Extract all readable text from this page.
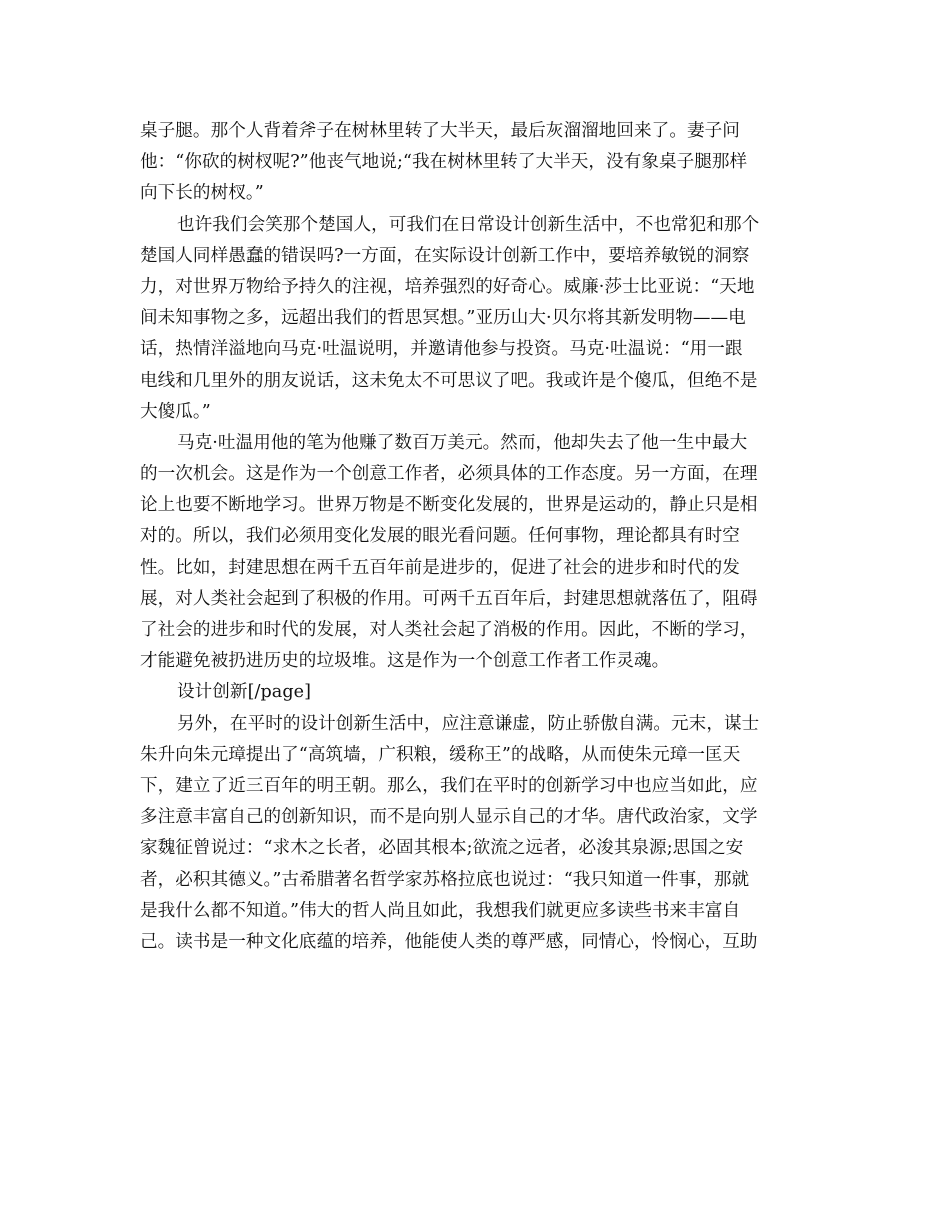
桌子腿。那个人背着斧子在树林里转了大半天，最后灰溜溜地回来了。妻子问
他：“你砍的树杈呢?”他丧气地说;“我在树林里转了大半天，没有象桌子腿那样
向下长的树杈。”
也许我们会笑那个楚国人，可我们在日常设计创新生活中，不也常犯和那个
楚国人同样愚蠢的错误吗?一方面，在实际设计创新工作中，要培养敏锐的洞察
力，对世界万物给予持久的注视，培养强烈的好奇心。威廉·莎士比亚说：“天地
间未知事物之多，远超出我们的哲思冥想。”亚历山大·贝尔将其新发明物——电
话，热情洋溢地向马克·吐温说明，并邀请他参与投资。马克·吐温说：“用一跟
电线和几里外的朋友说话，这未免太不可思议了吧。我或许是个傻瓜，但绝不是
大傻瓜。”
马克·吐温用他的笔为他赚了数百万美元。然而，他却失去了他一生中最大
的一次机会。这是作为一个创意工作者，必须具体的工作态度。另一方面，在理
论上也要不断地学习。世界万物是不断变化发展的，世界是运动的，静止只是相
对的。所以，我们必须用变化发展的眼光看问题。任何事物，理论都具有时空
性。比如，封建思想在两千五百年前是进步的，促进了社会的进步和时代的发
展，对人类社会起到了积极的作用。可两千五百年后，封建思想就落伍了，阻碍
了社会的进步和时代的发展，对人类社会起了消极的作用。因此，不断的学习，
才能避免被扔进历史的垃圾堆。这是作为一个创意工作者工作灵魂。
设计创新[/page]
另外，在平时的设计创新生活中，应注意谦虚，防止骄傲自满。元末，谋士
朱升向朱元璋提出了“高筑墙，广积粮，缓称王”的战略，从而使朱元璋一匡天
下，建立了近三百年的明王朝。那么，我们在平时的创新学习中也应当如此，应
多注意丰富自己的创新知识，而不是向别人显示自己的才华。唐代政治家，文学
家魏征曾说过：“求木之长者，必固其根本;欲流之远者，必浚其泉源;思国之安
者，必积其德义。”古希腊著名哲学家苏格拉底也说过：“我只知道一件事，那就
是我什么都不知道。”伟大的哲人尚且如此，我想我们就更应多读些书来丰富自
己。读书是一种文化底蕴的培养，他能使人类的尊严感，同情心，怜悯心，互助
